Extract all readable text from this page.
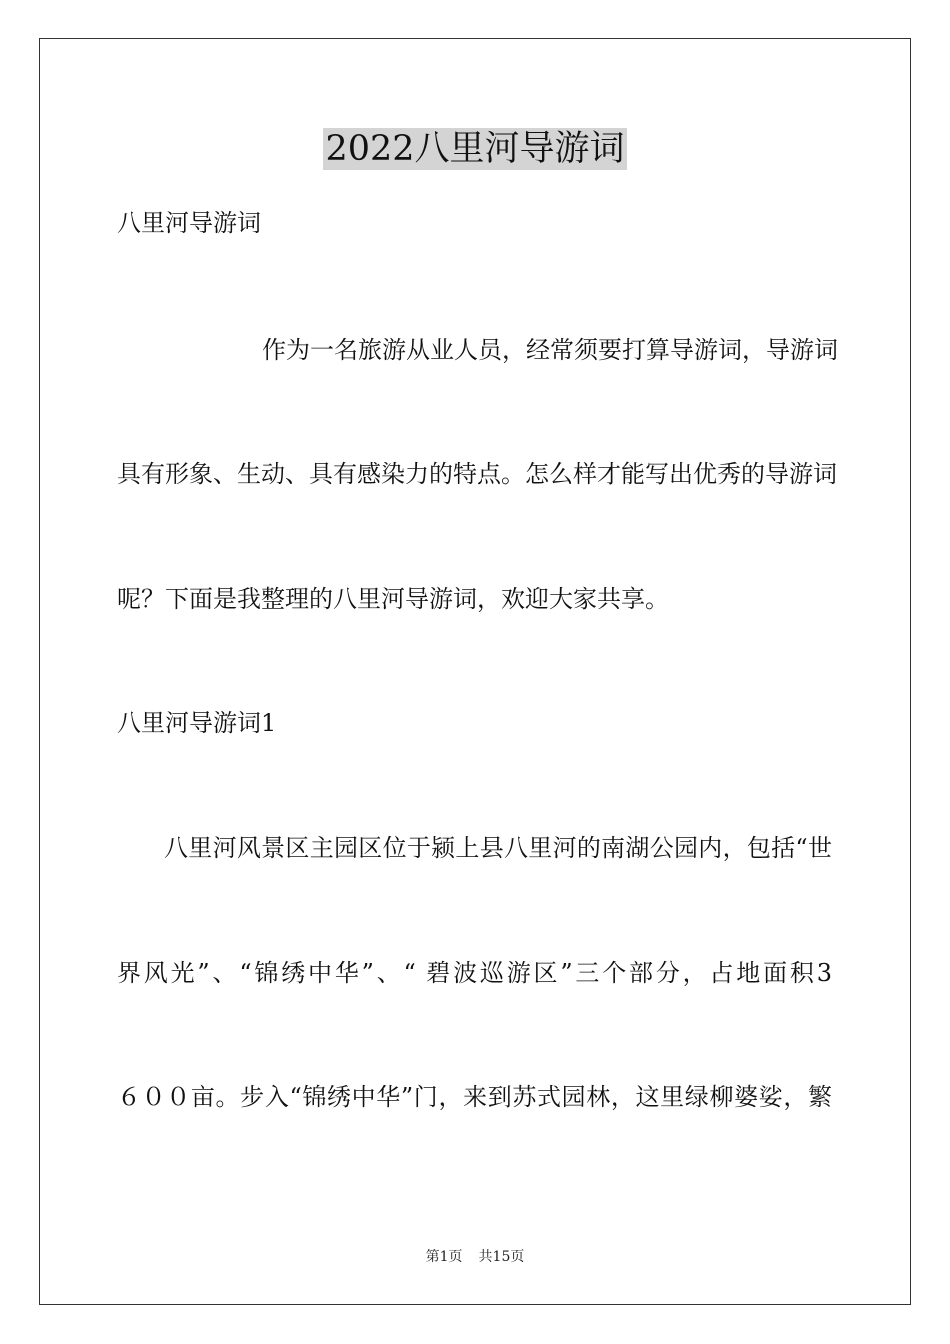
2022八里河导游词

八里河导游词

作为一名旅游从业人员，经常须要打算导游词，导游词

具有形象、生动、具有感染力的特点。怎么样才能写出优秀的导游词

呢？下面是我整理的八里河导游词，欢迎大家共享。

八里河导游词1

八里河风景区主园区位于颍上县八里河的南湖公园内，包括“世

界风光”、“锦绣中华”、“ 碧波巡游区”三个部分，占地面积3

６００亩。步入“锦绣中华”门，来到苏式园林，这里绿柳婆娑，繁

第1页 共15页
